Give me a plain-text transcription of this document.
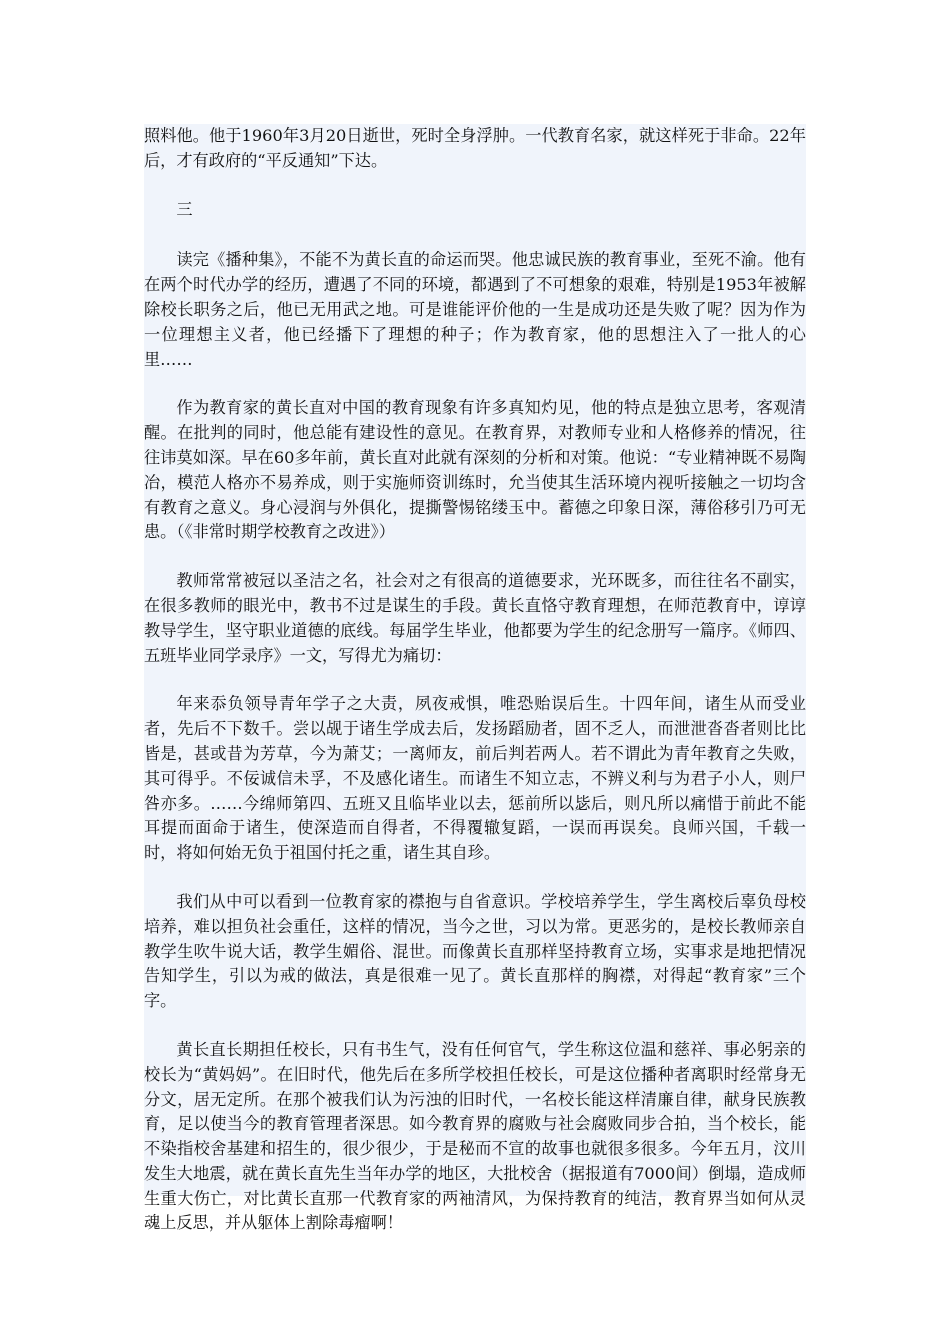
照料他。他于1960年3月20日逝世，死时全身浮肿。一代教育名家，就这样死于非命。22年后，才有政府的“平反通知”下达。

三

读完《播种集》，不能不为黄长直的命运而哭。他忠诚民族的教育事业，至死不渝。他有在两个时代办学的经历，遭遇了不同的环境，都遇到了不可想象的艰难，特别是1953年被解除校长职务之后，他已无用武之地。可是谁能评价他的一生是成功还是失败了呢？因为作为一位理想主义者，他已经播下了理想的种子；作为教育家，他的思想注入了一批人的心里……

作为教育家的黄长直对中国的教育现象有许多真知灼见，他的特点是独立思考，客观清醒。在批判的同时，他总能有建设性的意见。在教育界，对教师专业和人格修养的情况，往往讳莫如深。早在60多年前，黄长直对此就有深刻的分析和对策。他说：“专业精神既不易陶冶，模范人格亦不易养成，则于实施师资训练时，允当使其生活环境内视听接触之一切均含有教育之意义。身心浸润与外俱化，提撕警惕铭缕玉中。蓄德之印象日深，薄俗移引乃可无患。（《非常时期学校教育之改进》）

教师常常被冠以圣洁之名，社会对之有很高的道德要求，光环既多，而往往名不副实，在很多教师的眼光中，教书不过是谋生的手段。黄长直恪守教育理想，在师范教育中，谆谆教导学生，坚守职业道德的底线。每届学生毕业，他都要为学生的纪念册写一篇序。《师四、五班毕业同学录序》一文，写得尤为痛切：

年来忝负领导青年学子之大责，夙夜戒惧，唯恐贻误后生。十四年间，诸生从而受业者，先后不下数千。尝以觇于诸生学成去后，发扬蹈励者，固不乏人，而泄泄沓沓者则比比皆是，甚或昔为芳草，今为萧艾；一离师友，前后判若两人。若不谓此为青年教育之失败，其可得乎。不佞诚信未孚，不及感化诸生。而诸生不知立志，不辨义利与为君子小人，则尸咎亦多。……今绵师第四、五班又且临毕业以去，惩前所以毖后，则凡所以痛惜于前此不能耳提而面命于诸生，使深造而自得者，不得覆辙复蹈，一误而再误矣。良师兴国，千载一时，将如何始无负于祖国付托之重，诸生其自珍。

我们从中可以看到一位教育家的襟抱与自省意识。学校培养学生，学生离校后辜负母校培养，难以担负社会重任，这样的情况，当今之世，习以为常。更恶劣的，是校长教师亲自教学生吹牛说大话，教学生媚俗、混世。而像黄长直那样坚持教育立场，实事求是地把情况告知学生，引以为戒的做法，真是很难一见了。黄长直那样的胸襟，对得起“教育家”三个字。

黄长直长期担任校长，只有书生气，没有任何官气，学生称这位温和慈祥、事必躬亲的校长为“黄妈妈”。在旧时代，他先后在多所学校担任校长，可是这位播种者离职时经常身无分文，居无定所。在那个被我们认为污浊的旧时代，一名校长能这样清廉自律，献身民族教育，足以使当今的教育管理者深思。如今教育界的腐败与社会腐败同步合拍，当个校长，能不染指校舍基建和招生的，很少很少，于是秘而不宣的故事也就很多很多。今年五月，汶川发生大地震，就在黄长直先生当年办学的地区，大批校舍（据报道有7000间）倒塌，造成师生重大伤亡，对比黄长直那一代教育家的两袖清风，为保持教育的纯洁，教育界当如何从灵魂上反思，并从躯体上割除毒瘤啊！
